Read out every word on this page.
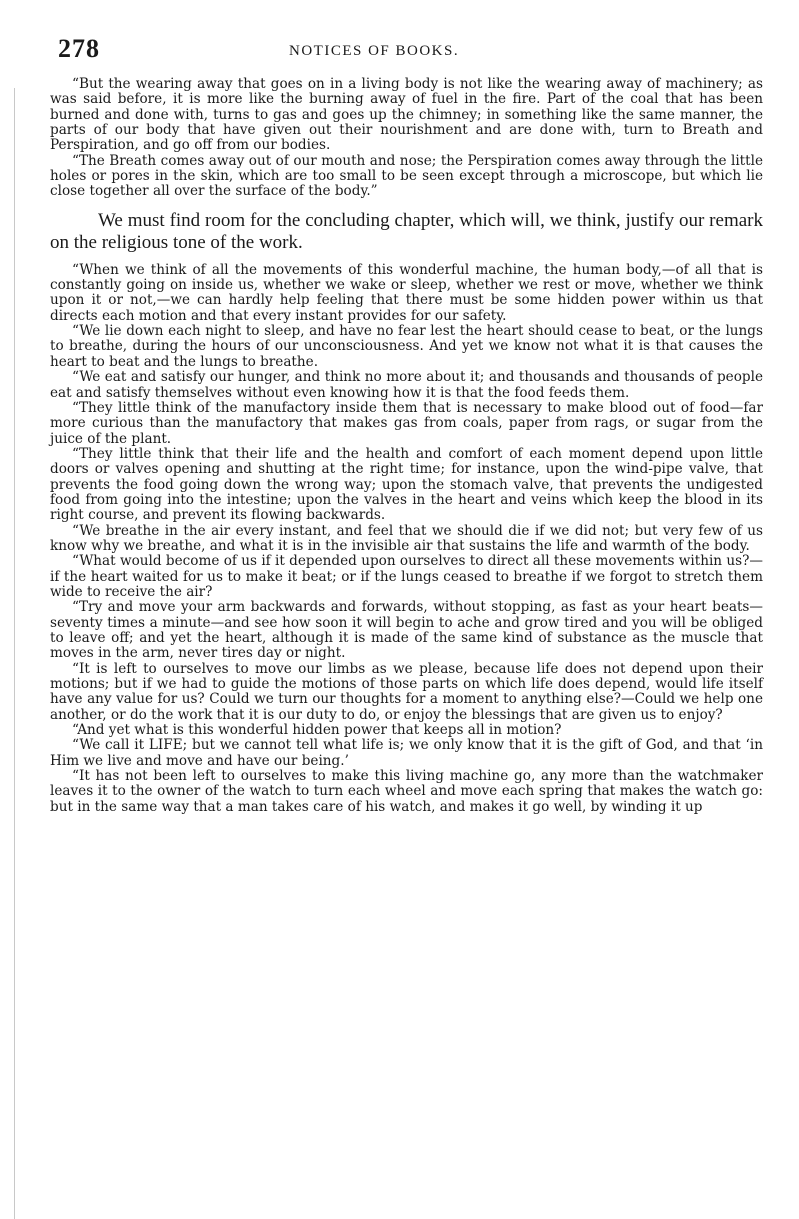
278	NOTICES OF BOOKS.

“But the wearing away that goes on in a living body is not like the wearing away of machinery; as was said before, it is more like the burning away of fuel in the fire. Part of the coal that has been burned and done with, turns to gas and goes up the chimney; in something like the same manner, the parts of our body that have given out their nourishment and are done with, turn to Breath and Perspiration, and go off from our bodies.

“The Breath comes away out of our mouth and nose; the Perspiration comes away through the little holes or pores in the skin, which are too small to be seen except through a microscope, but which lie close together all over the surface of the body.”

We must find room for the concluding chapter, which will, we think, justify our remark on the religious tone of the work.

“When we think of all the movements of this wonderful machine, the human body,—of all that is constantly going on inside us, whether we wake or sleep, whether we rest or move, whether we think upon it or not,—we can hardly help feeling that there must be some hidden power within us that directs each motion and that every instant provides for our safety.

“We lie down each night to sleep, and have no fear lest the heart should cease to beat, or the lungs to breathe, during the hours of our unconsciousness. And yet we know not what it is that causes the heart to beat and the lungs to breathe.

“We eat and satisfy our hunger, and think no more about it; and thousands and thousands of people eat and satisfy themselves without even knowing how it is that the food feeds them.

“They little think of the manufactory inside them that is necessary to make blood out of food—far more curious than the manufactory that makes gas from coals, paper from rags, or sugar from the juice of the plant.

“They little think that their life and the health and comfort of each moment depend upon little doors or valves opening and shutting at the right time; for instance, upon the wind-pipe valve, that prevents the food going down the wrong way; upon the stomach valve, that prevents the undigested food from going into the intestine; upon the valves in the heart and veins which keep the blood in its right course, and prevent its flowing backwards.

“We breathe in the air every instant, and feel that we should die if we did not; but very few of us know why we breathe, and what it is in the invisible air that sustains the life and warmth of the body.

“What would become of us if it depended upon ourselves to direct all these movements within us?—if the heart waited for us to make it beat; or if the lungs ceased to breathe if we forgot to stretch them wide to receive the air?

“Try and move your arm backwards and forwards, without stopping, as fast as your heart beats—seventy times a minute—and see how soon it will begin to ache and grow tired and you will be obliged to leave off; and yet the heart, although it is made of the same kind of substance as the muscle that moves in the arm, never tires day or night.

“It is left to ourselves to move our limbs as we please, because life does not depend upon their motions; but if we had to guide the motions of those parts on which life does depend, would life itself have any value for us? Could we turn our thoughts for a moment to anything else?—Could we help one another, or do the work that it is our duty to do, or enjoy the blessings that are given us to enjoy?

“And yet what is this wonderful hidden power that keeps all in motion?

“We call it LIFE; but we cannot tell what life is; we only know that it is the gift of God, and that ‘in Him we live and move and have our being.’

“It has not been left to ourselves to make this living machine go, any more than the watchmaker leaves it to the owner of the watch to turn each wheel and move each spring that makes the watch go: but in the same way that a man takes care of his watch, and makes it go well, by winding it up
